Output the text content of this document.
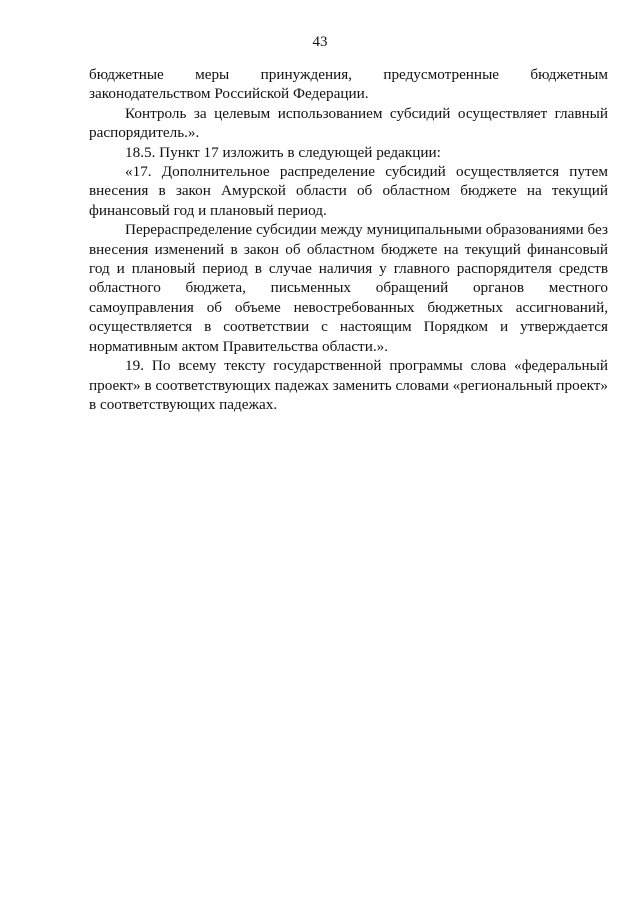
43

бюджетные меры принуждения, предусмотренные бюджетным законодательством Российской Федерации.

Контроль за целевым использованием субсидий осуществляет главный распорядитель.».

18.5. Пункт 17 изложить в следующей редакции:

«17. Дополнительное распределение субсидий осуществляется путем внесения в закон Амурской области об областном бюджете на текущий финансовый год и плановый период.

Перераспределение субсидии между муниципальными образованиями без внесения изменений в закон об областном бюджете на текущий финансовый год и плановый период в случае наличия у главного распорядителя средств областного бюджета, письменных обращений органов местного самоуправления об объеме невостребованных бюджетных ассигнований, осуществляется в соответствии с настоящим Порядком и утверждается нормативным актом Правительства области.».

19. По всему тексту государственной программы слова «федеральный проект» в соответствующих падежах заменить словами «региональный проект» в соответствующих падежах.
